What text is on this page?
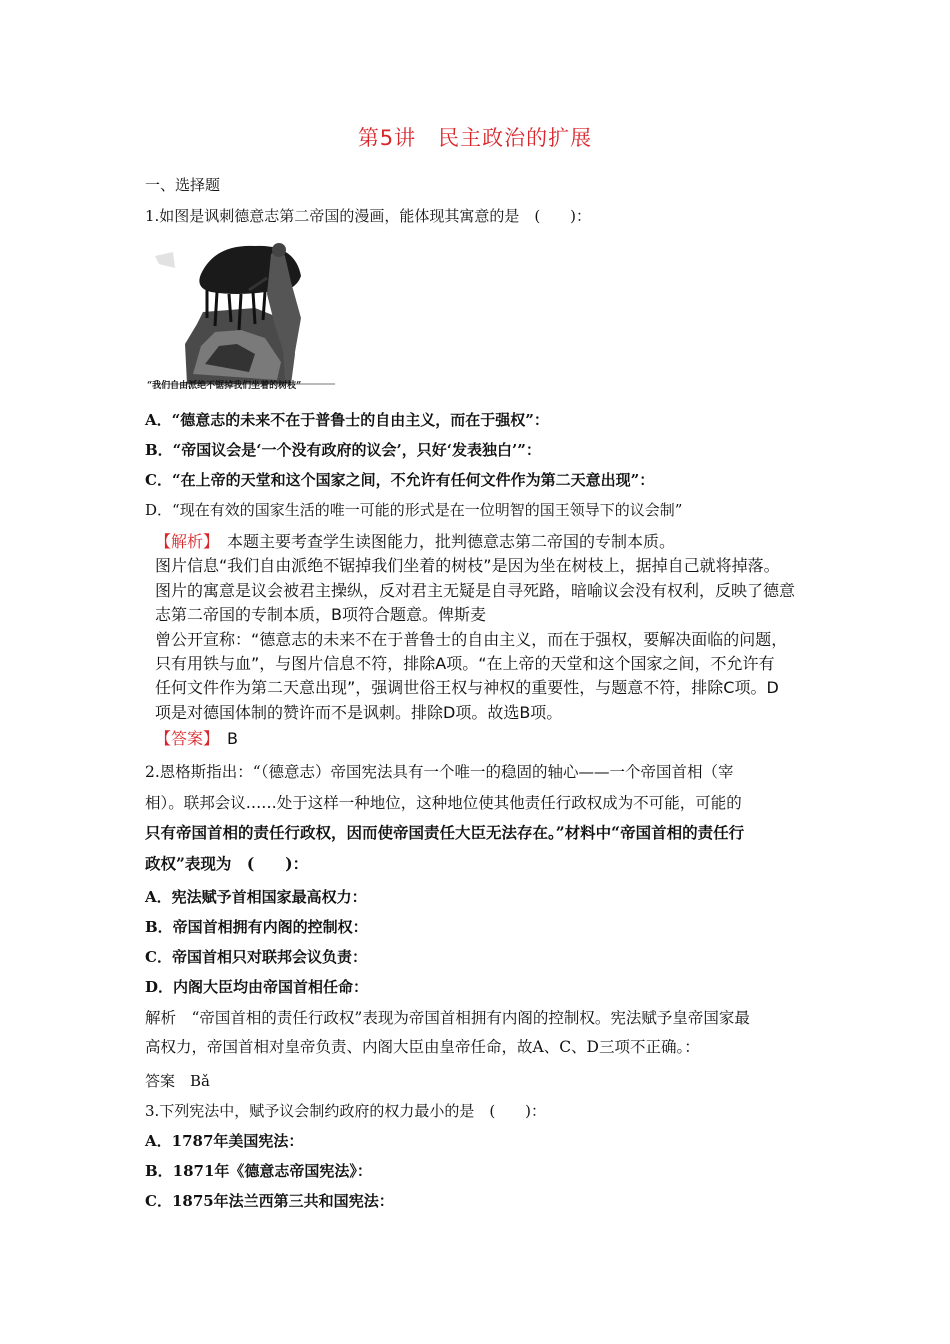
第5讲　民主政治的扩展
一、选择题
1.如图是讽刺德意志第二帝国的漫画，能体现其寓意的是　(　　)：
“我们自由派绝不锯掉我们坐着的树枝”
A．“德意志的未来不在于普鲁士的自由主义，而在于强权”：
B．“帝国议会是‘一个没有政府的议会’，只好‘发表独白’”：
C．“在上帝的天堂和这个国家之间，不允许有任何文件作为第二天意出现”：
D．“现在有效的国家生活的唯一可能的形式是在一位明智的国王领导下的议会制”
【解析】　 本题主要考查学生读图能力，批判德意志第二帝国的专制本质。
图片信息“我们自由派绝不锯掉我们坐着的树枝”是因为坐在树枝上，据掉自己就将掉落。
图片的寓意是议会被君主操纵，反对君主无疑是自寻死路，暗喻议会没有权利，反映了德意
志第二帝国的专制本质，B项符合题意。俾斯麦
曾公开宣称：“德意志的未来不在于普鲁士的自由主义，而在于强权，要解决面临的问题，
只有用铁与血”，与图片信息不符，排除A项。“在上帝的天堂和这个国家之间，不允许有
任何文件作为第二天意出现”，强调世俗王权与神权的重要性，与题意不符，排除C项。D
项是对德国体制的赞许而不是讽刺。排除D项。故选B项。
【答案】　 B
2.恩格斯指出：“（德意志）帝国宪法具有一个唯一的稳固的轴心——一个帝国首相（宰
相）。联邦会议……处于这样一种地位，这种地位使其他责任行政权成为不可能，可能的
只有帝国首相的责任行政权，因而使帝国责任大臣无法存在。”材料中“帝国首相的责任行
政权”表现为　(　　)：
A．宪法赋予首相国家最高权力：
B．帝国首相拥有内阁的控制权：
C．帝国首相只对联邦会议负责：
D．内阁大臣均由帝国首相任命：
解析　“帝国首相的责任行政权”表现为帝国首相拥有内阁的控制权。宪法赋予皇帝国家最
高权力，帝国首相对皇帝负责、内阁大臣由皇帝任命，故A、C、D三项不正确。：
答案　Bǎ
3.下列宪法中，赋予议会制约政府的权力最小的是　(　　)：
A．1787年美国宪法：
B．1871年《德意志帝国宪法》：
C．1875年法兰西第三共和国宪法：
